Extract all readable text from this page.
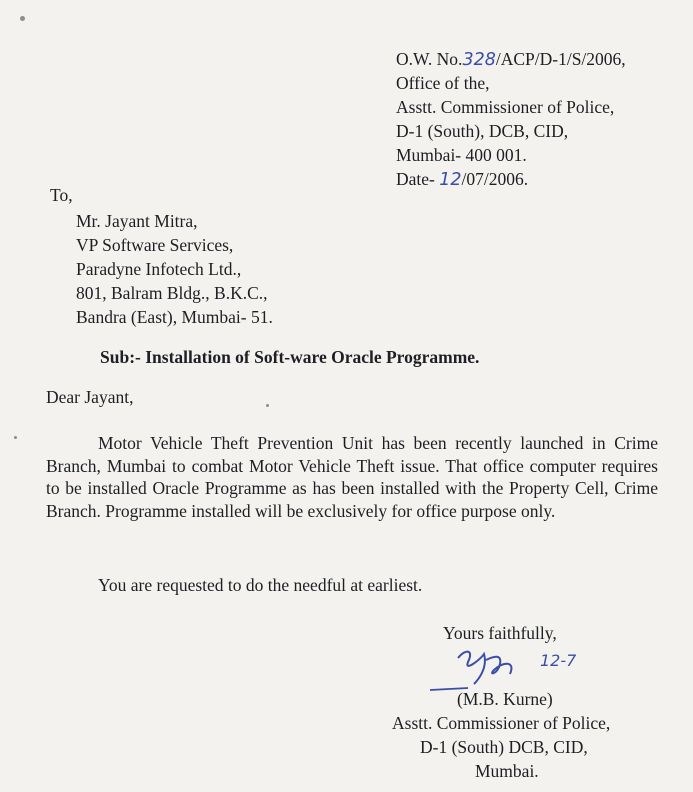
O.W. No.328/ACP/D-1/S/2006,
Office of the,
Asstt. Commissioner of Police,
D-1 (South), DCB, CID,
Mumbai- 400 001.
Date- 12/07/2006.
To,
Mr. Jayant Mitra,
VP Software Services,
Paradyne Infotech Ltd.,
801, Balram Bldg., B.K.C.,
Bandra (East), Mumbai- 51.
Sub:- Installation of Soft-ware Oracle Programme.
Dear Jayant,
Motor Vehicle Theft Prevention Unit has been recently launched in Crime Branch, Mumbai to combat Motor Vehicle Theft issue. That office computer requires to be installed Oracle Programme as has been installed with the Property Cell, Crime Branch. Programme installed will be exclusively for office purpose only.
You are requested to do the needful at earliest.
Yours faithfully,
12-7
(M.B. Kurne)
Asstt. Commissioner of Police,
D-1 (South) DCB, CID,
Mumbai.
